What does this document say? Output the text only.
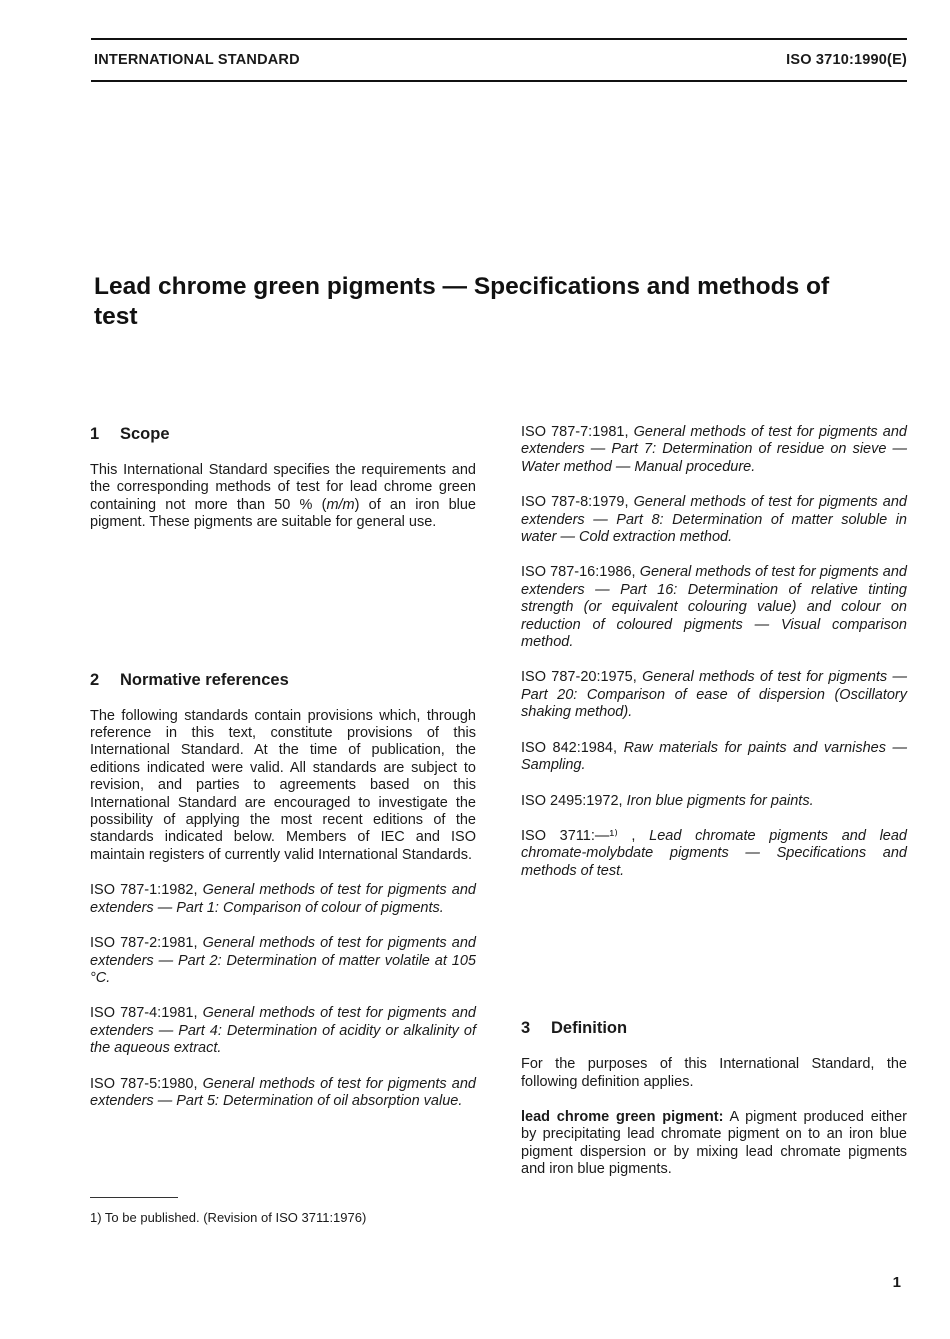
INTERNATIONAL STANDARD	ISO 3710:1990(E)
Lead chrome green pigments — Specifications and methods of test
1 Scope

This International Standard specifies the requirements and the corresponding methods of test for lead chrome green containing not more than 50 % (m/m) of an iron blue pigment. These pigments are suitable for general use.

2 Normative references

The following standards contain provisions which, through reference in this text, constitute provisions of this International Standard. At the time of publication, the editions indicated were valid. All standards are subject to revision, and parties to agreements based on this International Standard are encouraged to investigate the possibility of applying the most recent editions of the standards indicated below. Members of IEC and ISO maintain registers of currently valid International Standards.

ISO 787-1:1982, General methods of test for pigments and extenders — Part 1: Comparison of colour of pigments.

ISO 787-2:1981, General methods of test for pigments and extenders — Part 2: Determination of matter volatile at 105 °C.

ISO 787-4:1981, General methods of test for pigments and extenders — Part 4: Determination of acidity or alkalinity of the aqueous extract.

ISO 787-5:1980, General methods of test for pigments and extenders — Part 5: Determination of oil absorption value.

1) To be published. (Revision of ISO 3711:1976)

ISO 787-7:1981, General methods of test for pigments and extenders — Part 7: Determination of residue on sieve — Water method — Manual procedure.

ISO 787-8:1979, General methods of test for pigments and extenders — Part 8: Determination of matter soluble in water — Cold extraction method.

ISO 787-16:1986, General methods of test for pigments and extenders — Part 16: Determination of relative tinting strength (or equivalent colouring value) and colour on reduction of coloured pigments — Visual comparison method.

ISO 787-20:1975, General methods of test for pigments — Part 20: Comparison of ease of dispersion (Oscillatory shaking method).

ISO 842:1984, Raw materials for paints and varnishes — Sampling.

ISO 2495:1972, Iron blue pigments for paints.

ISO 3711:—¹⁾ , Lead chromate pigments and lead chromate-molybdate pigments — Specifications and methods of test.

3 Definition

For the purposes of this International Standard, the following definition applies.

lead chrome green pigment: A pigment produced either by precipitating lead chromate pigment on to an iron blue pigment dispersion or by mixing lead chromate pigments and iron blue pigments.

1
